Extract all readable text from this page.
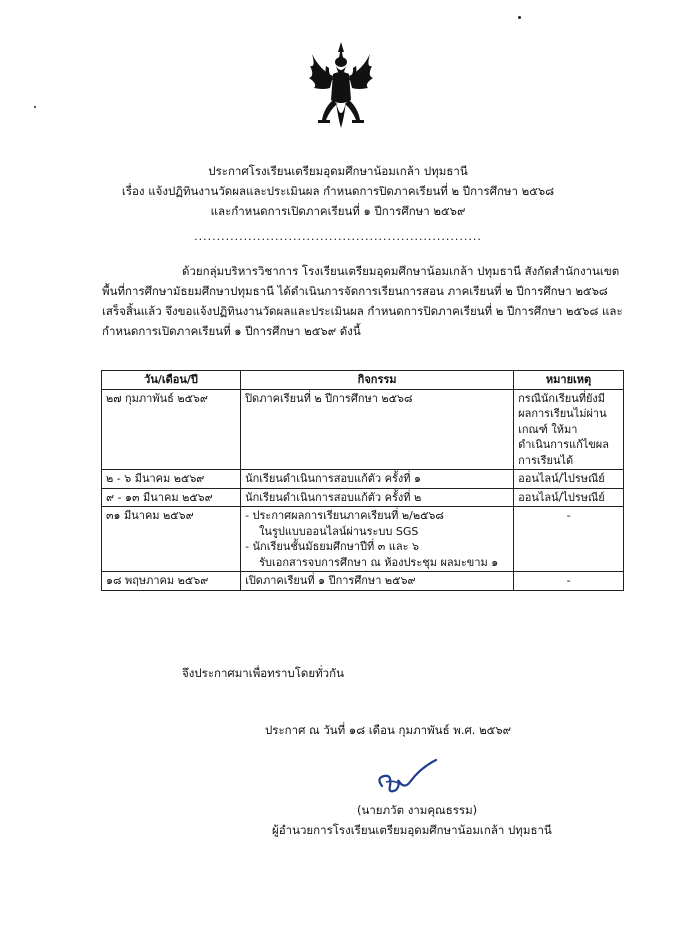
ประกาศโรงเรียนเตรียมอุดมศึกษาน้อมเกล้า ปทุมธานี
เรื่อง แจ้งปฏิทินงานวัดผลและประเมินผล กำหนดการปิดภาคเรียนที่ ๒ ปีการศึกษา ๒๕๖๘
และกำหนดการเปิดภาคเรียนที่ ๑ ปีการศึกษา ๒๕๖๙
................................................................
ด้วยกลุ่มบริหารวิชาการ โรงเรียนเตรียมอุดมศึกษาน้อมเกล้า ปทุมธานี สังกัดสำนักงานเขต
พื้นที่การศึกษามัธยมศึกษาปทุมธานี ได้ดำเนินการจัดการเรียนการสอน ภาคเรียนที่ ๒ ปีการศึกษา ๒๕๖๘
เสร็จสิ้นแล้ว จึงขอแจ้งปฏิทินงานวัดผลและประเมินผล กำหนดการปิดภาคเรียนที่ ๒ ปีการศึกษา ๒๕๖๘ และ
กำหนดการเปิดภาคเรียนที่ ๑ ปีการศึกษา ๒๕๖๙ ดังนี้
วัน/เดือน/ปี	กิจกรรม	หมายเหตุ
๒๗ กุมภาพันธ์ ๒๕๖๙	ปิดภาคเรียนที่ ๒ ปีการศึกษา ๒๕๖๘	กรณีนักเรียนที่ยังมี
ผลการเรียนไม่ผ่าน
เกณฑ์ ให้มา
ดำเนินการแก้ไขผล
การเรียนได้

๒ - ๖ มีนาคม ๒๕๖๙	นักเรียนดำเนินการสอบแก้ตัว ครั้งที่ ๑	ออนไลน์/ไปรษณีย์
๙ - ๑๓ มีนาคม ๒๕๖๙	นักเรียนดำเนินการสอบแก้ตัว ครั้งที่ ๒	ออนไลน์/ไปรษณีย์
๓๑ มีนาคม ๒๕๖๙	- ประกาศผลการเรียนภาคเรียนที่ ๒/๒๕๖๘
ในรูปแบบออนไลน์ผ่านระบบ SGS
- นักเรียนชั้นมัธยมศึกษาปีที่ ๓ และ ๖
รับเอกสารจบการศึกษา ณ ห้องประชุม ผลมะขาม ๑	-
๑๘ พฤษภาคม ๒๕๖๙	เปิดภาคเรียนที่ ๑ ปีการศึกษา ๒๕๖๙	-
จึงประกาศมาเพื่อทราบโดยทั่วกัน
ประกาศ ณ วันที่ ๑๘ เดือน กุมภาพันธ์ พ.ศ. ๒๕๖๙
(นายภวัต งามคุณธรรม)
ผู้อำนวยการโรงเรียนเตรียมอุดมศึกษาน้อมเกล้า ปทุมธานี
